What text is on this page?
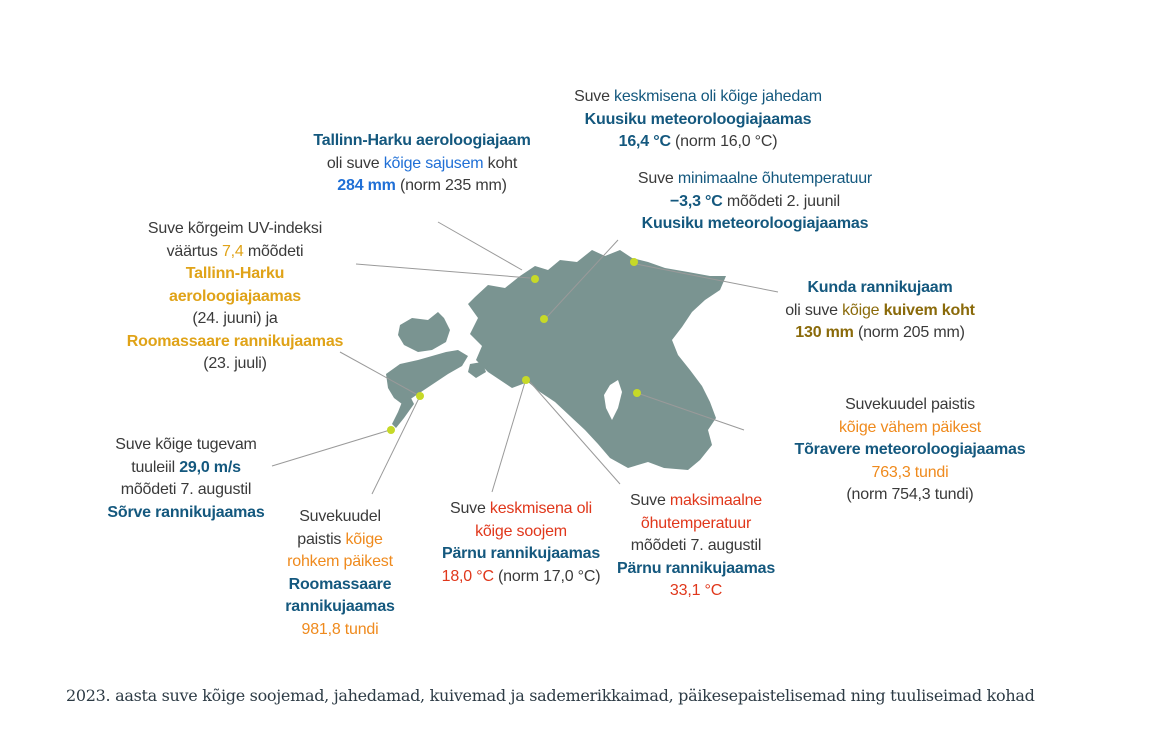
Suve keskmisena oli kõige jahedam
Kuusiku meteoroloogiajaamas
16,4 °C (norm 16,0 °C)
Tallinn-Harku aeroloogiajaam
oli suve kõige sajusem koht
284 mm (norm 235 mm)	Suve minimaalne õhutemperatuur
−3,3 °C mõõdeti 2. juunil
Kuusiku meteoroloogiajaamas
Suve kõrgeim UV-indeksi
väärtus 7,4 mõõdeti
Tallinn-Harku
aeroloogiajaamas
(24. juuni) ja
Roomassaare rannikujaamas
(23. juuli)
Kunda rannikujaam
oli suve kõige kuivem koht
130 mm (norm 205 mm)
Suvekuudel paistis
kõige vähem päikest
Tõravere meteoroloogiajaamas
763,3 tundi
(norm 754,3 tundi)
Suve kõige tugevam
tuuleiil 29,0 m/s
mõõdeti 7. augustil
Sõrve rannikujaamas	Suvekuudel
paistis kõige
rohkem päikest
Roomassaare
rannikujaamas
981,8 tundi
Suve keskmisena oli
kõige soojem
Pärnu rannikujaamas
18,0 °C (norm 17,0 °C)
Suve maksimaalne
õhutemperatuur
mõõdeti 7. augustil
Pärnu rannikujaamas
33,1 °C
2023. aasta suve kõige soojemad, jahedamad, kuivemad ja sademerikkaimad, päikesepaistelisemad ning tuuliseimad kohad
